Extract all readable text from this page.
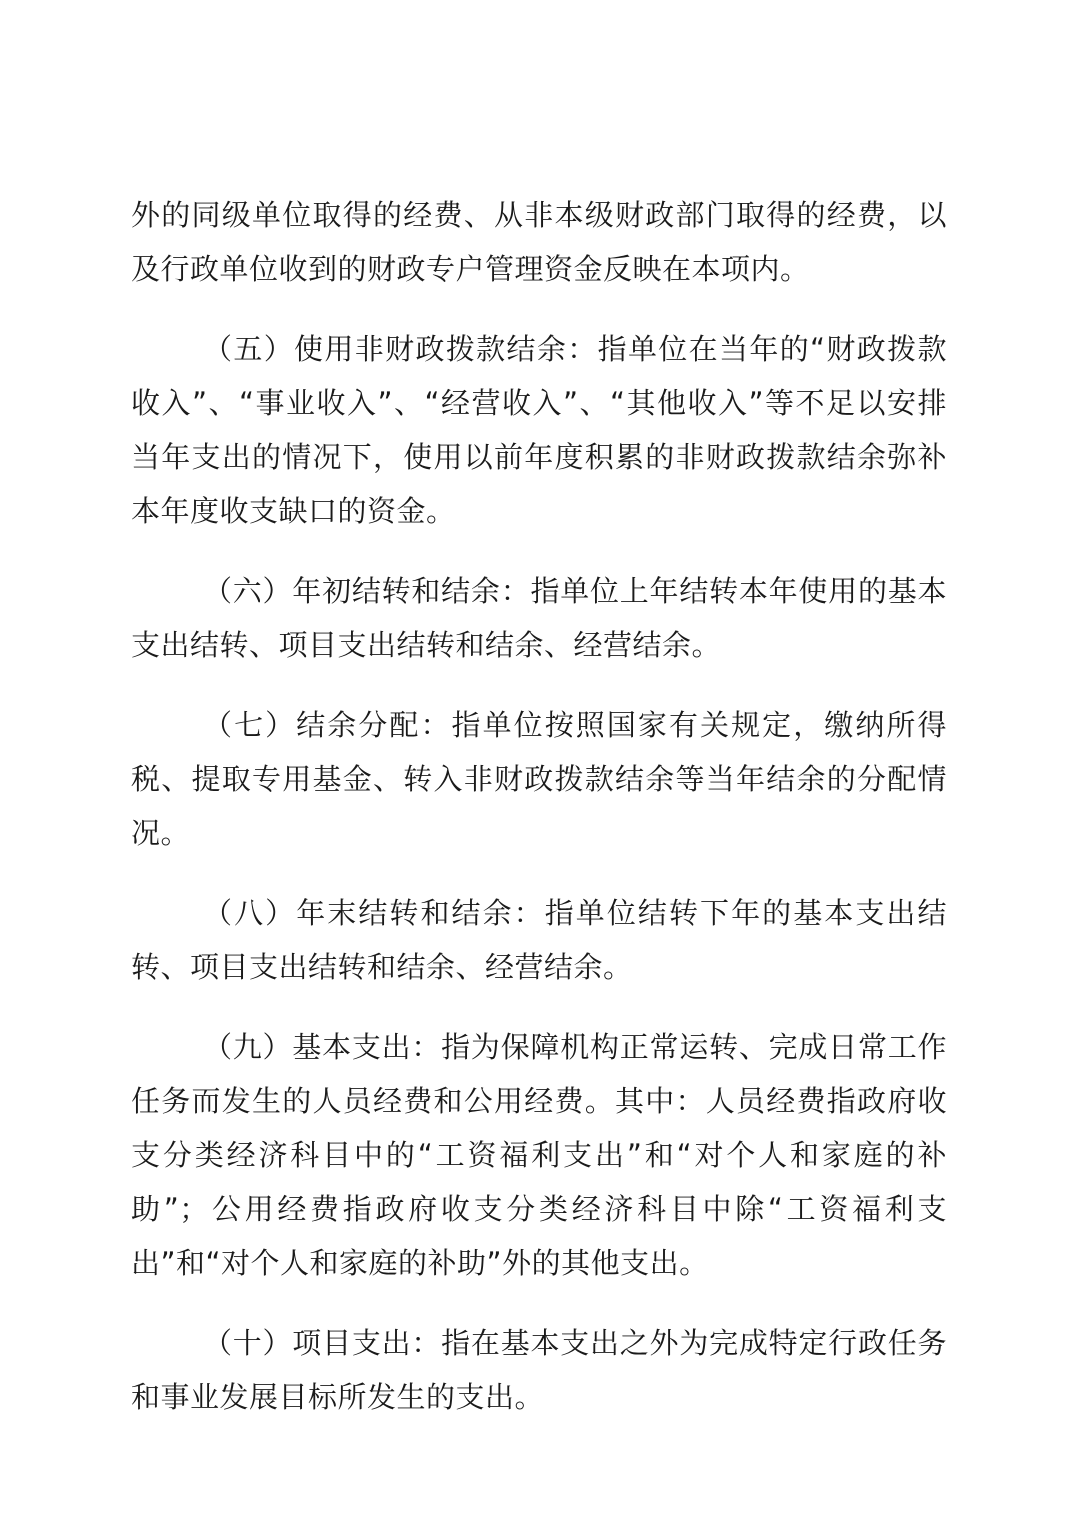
外的同级单位取得的经费、从非本级财政部门取得的经费，以及行政单位收到的财政专户管理资金反映在本项内。

（五）使用非财政拨款结余：指单位在当年的“财政拨款收入”、“事业收入”、“经营收入”、“其他收入”等不足以安排当年支出的情况下，使用以前年度积累的非财政拨款结余弥补本年度收支缺口的资金。

（六）年初结转和结余：指单位上年结转本年使用的基本支出结转、项目支出结转和结余、经营结余。

（七）结余分配：指单位按照国家有关规定，缴纳所得税、提取专用基金、转入非财政拨款结余等当年结余的分配情况。

（八）年末结转和结余：指单位结转下年的基本支出结转、项目支出结转和结余、经营结余。

（九）基本支出：指为保障机构正常运转、完成日常工作任务而发生的人员经费和公用经费。其中：人员经费指政府收支分类经济科目中的“工资福利支出”和“对个人和家庭的补助”；公用经费指政府收支分类经济科目中除“工资福利支出”和“对个人和家庭的补助”外的其他支出。

（十）项目支出：指在基本支出之外为完成特定行政任务和事业发展目标所发生的支出。
